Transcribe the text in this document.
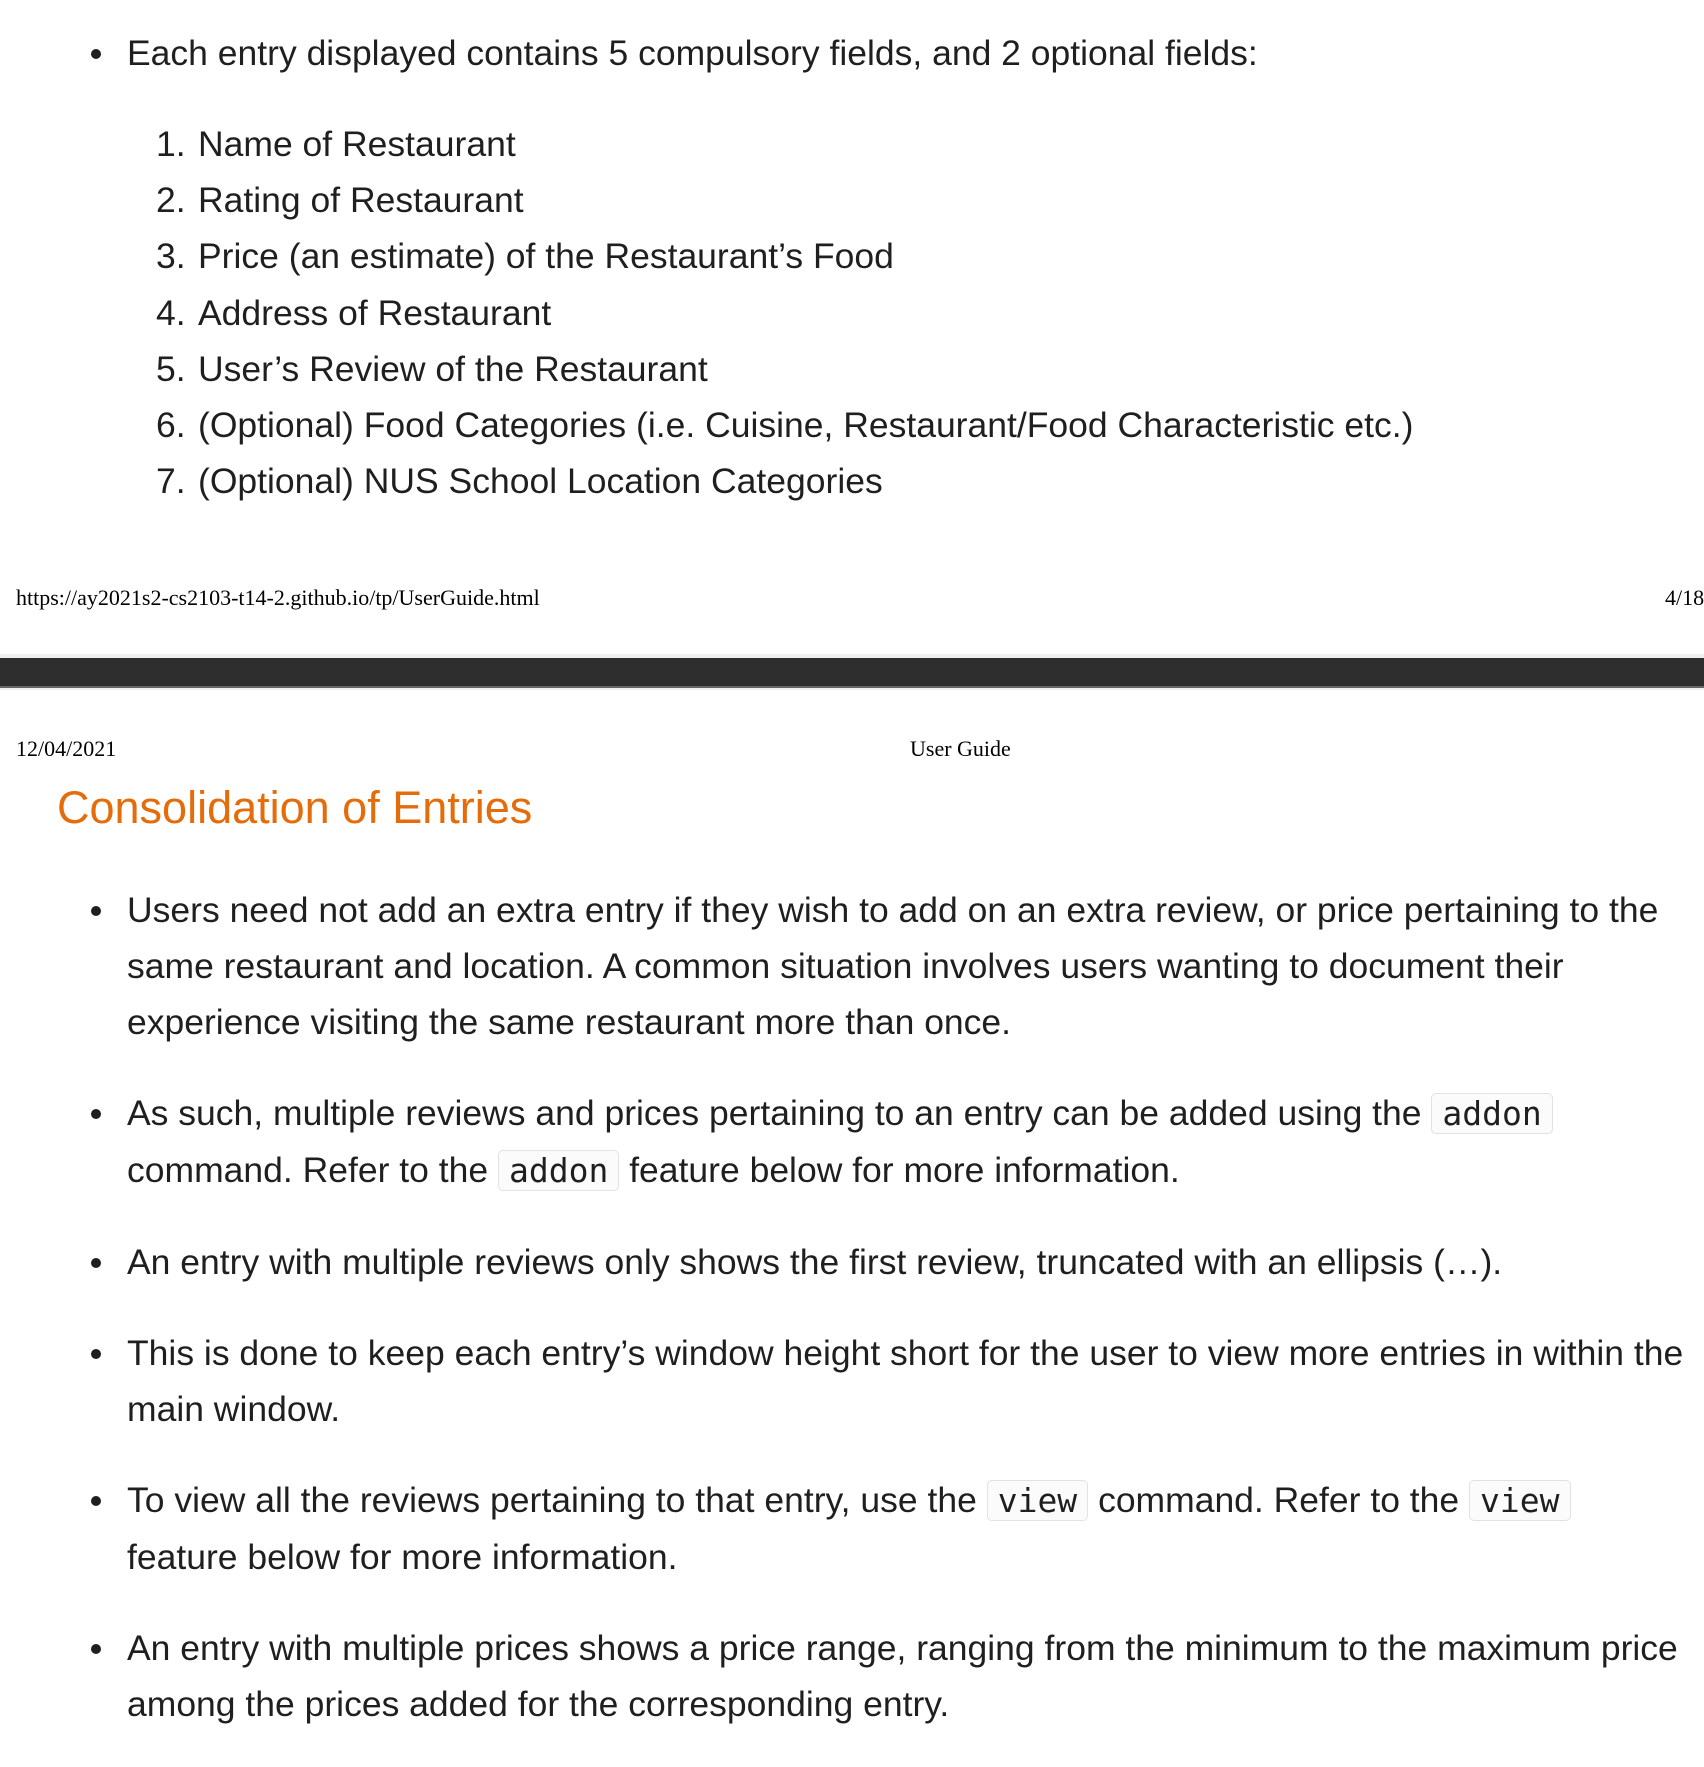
Each entry displayed contains 5 compulsory fields, and 2 optional fields:
1. Name of Restaurant
2. Rating of Restaurant
3. Price (an estimate) of the Restaurant’s Food
4. Address of Restaurant
5. User’s Review of the Restaurant
6. (Optional) Food Categories (i.e. Cuisine, Restaurant/Food Characteristic etc.)
7. (Optional) NUS School Location Categories
https://ay2021s2-cs2103-t14-2.github.io/tp/UserGuide.html	4/18
12/04/2021	User Guide
Consolidation of Entries
Users need not add an extra entry if they wish to add on an extra review, or price pertaining to the same restaurant and location. A common situation involves users wanting to document their experience visiting the same restaurant more than once.
As such, multiple reviews and prices pertaining to an entry can be added using the addon command. Refer to the addon feature below for more information.
An entry with multiple reviews only shows the first review, truncated with an ellipsis (…).
This is done to keep each entry’s window height short for the user to view more entries in within the main window.
To view all the reviews pertaining to that entry, use the view command. Refer to the view feature below for more information.
An entry with multiple prices shows a price range, ranging from the minimum to the maximum price among the prices added for the corresponding entry.
